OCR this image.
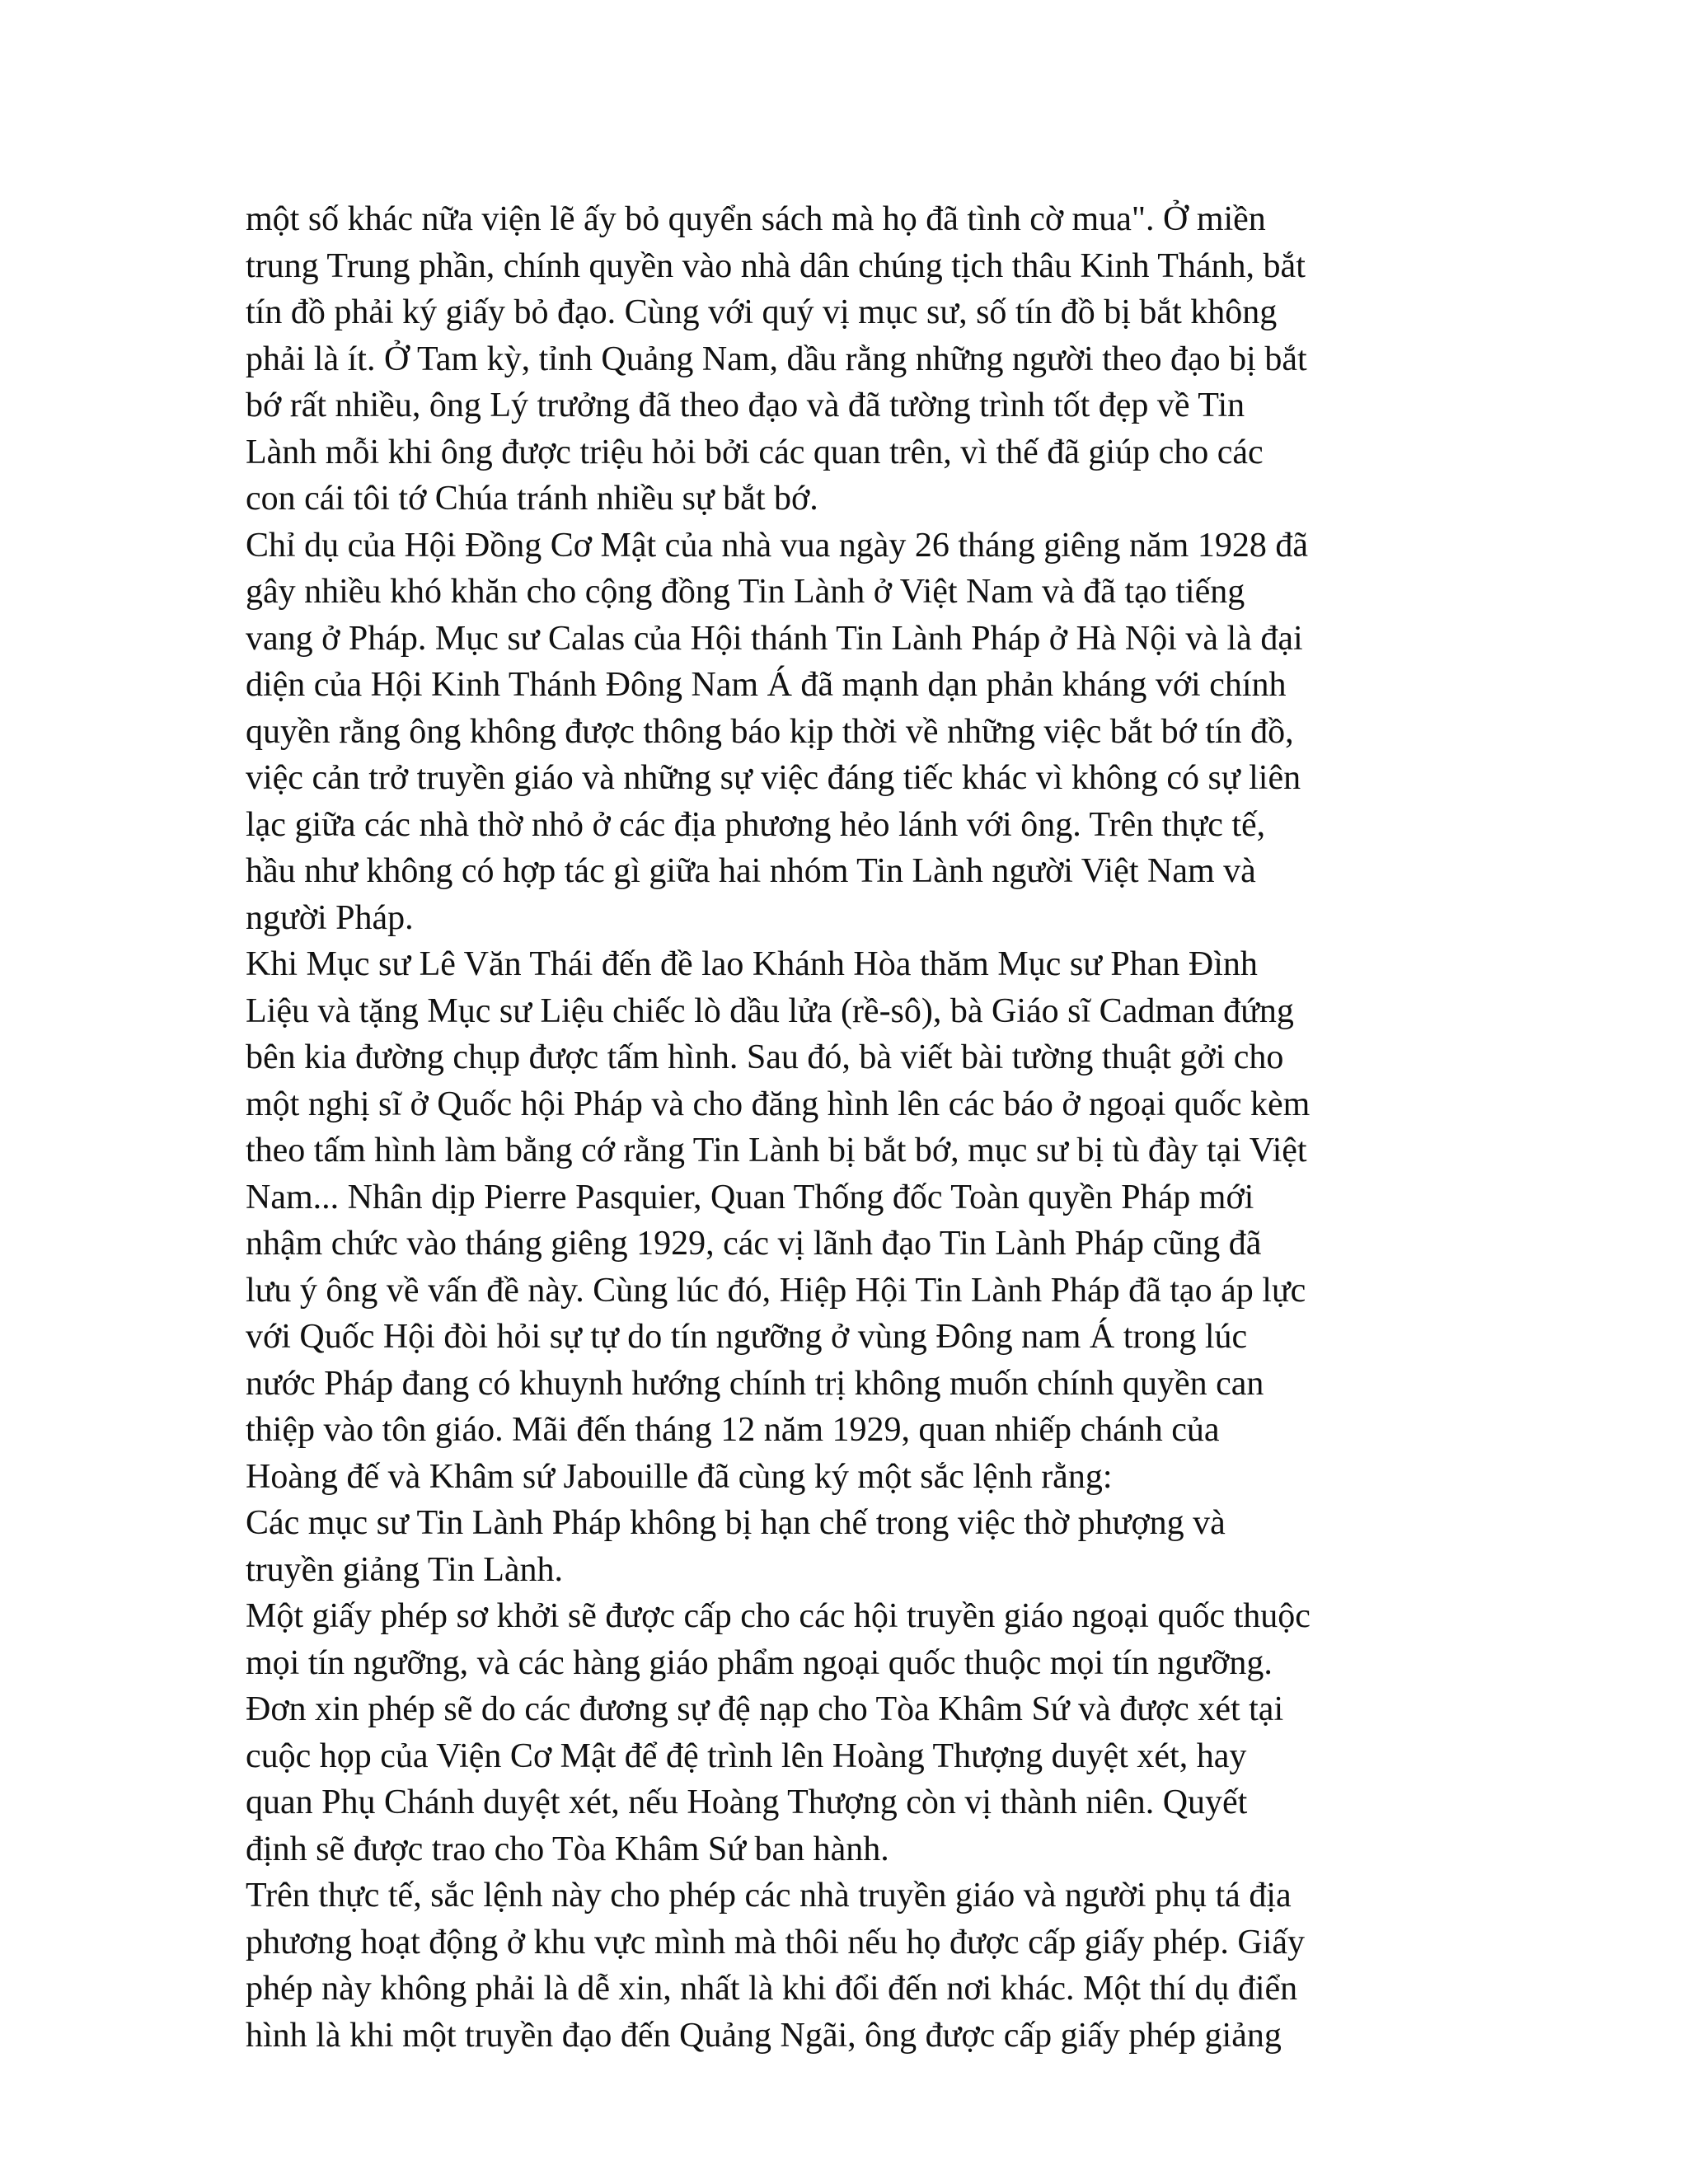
một số khác nữa viện lẽ ấy bỏ quyển sách mà họ đã tình cờ mua". Ở miền
trung Trung phần, chính quyền vào nhà dân chúng tịch thâu Kinh Thánh, bắt
tín đồ phải ký giấy bỏ đạo. Cùng với quý vị mục sư, số tín đồ bị bắt không
phải là ít. Ở Tam kỳ, tỉnh Quảng Nam, dầu rằng những người theo đạo bị bắt
bớ rất nhiều, ông Lý trưởng đã theo đạo và đã tường trình tốt đẹp về Tin
Lành mỗi khi ông được triệu hỏi bởi các quan trên, vì thế đã giúp cho các
con cái tôi tớ Chúa tránh nhiều sự bắt bớ.
Chỉ dụ của Hội Đồng Cơ Mật của nhà vua ngày 26 tháng giêng năm 1928 đã
gây nhiều khó khăn cho cộng đồng Tin Lành ở Việt Nam và đã tạo tiếng
vang ở Pháp. Mục sư Calas của Hội thánh Tin Lành Pháp ở Hà Nội và là đại
diện của Hội Kinh Thánh Đông Nam Á đã mạnh dạn phản kháng với chính
quyền rằng ông không được thông báo kịp thời về những việc bắt bớ tín đồ,
việc cản trở truyền giáo và những sự việc đáng tiếc khác vì không có sự liên
lạc giữa các nhà thờ nhỏ ở các địa phương hẻo lánh với ông. Trên thực tế,
hầu như không có hợp tác gì giữa hai nhóm Tin Lành người Việt Nam và
người Pháp.
Khi Mục sư Lê Văn Thái đến đề lao Khánh Hòa thăm Mục sư Phan Đình
Liệu và tặng Mục sư Liệu chiếc lò dầu lửa (rề-sô), bà Giáo sĩ Cadman đứng
bên kia đường chụp được tấm hình. Sau đó, bà viết bài tường thuật gởi cho
một nghị sĩ ở Quốc hội Pháp và cho đăng hình lên các báo ở ngoại quốc kèm
theo tấm hình làm bằng cớ rằng Tin Lành bị bắt bớ, mục sư bị tù đày tại Việt
Nam... Nhân dịp Pierre Pasquier, Quan Thống đốc Toàn quyền Pháp mới
nhậm chức vào tháng giêng 1929, các vị lãnh đạo Tin Lành Pháp cũng đã
lưu ý ông về vấn đề này. Cùng lúc đó, Hiệp Hội Tin Lành Pháp đã tạo áp lực
với Quốc Hội đòi hỏi sự tự do tín ngưỡng ở vùng Đông nam Á trong lúc
nước Pháp đang có khuynh hướng chính trị không muốn chính quyền can
thiệp vào tôn giáo. Mãi đến tháng 12 năm 1929, quan nhiếp chánh của
Hoàng đế và Khâm sứ Jabouille đã cùng ký một sắc lệnh rằng:
Các mục sư Tin Lành Pháp không bị hạn chế trong việc thờ phượng và
truyền giảng Tin Lành.
Một giấy phép sơ khởi sẽ được cấp cho các hội truyền giáo ngoại quốc thuộc
mọi tín ngưỡng, và các hàng giáo phẩm ngoại quốc thuộc mọi tín ngưỡng.
Đơn xin phép sẽ do các đương sự đệ nạp cho Tòa Khâm Sứ và được xét tại
cuộc họp của Viện Cơ Mật để đệ trình lên Hoàng Thượng duyệt xét, hay
quan Phụ Chánh duyệt xét, nếu Hoàng Thượng còn vị thành niên. Quyết
định sẽ được trao cho Tòa Khâm Sứ ban hành.
Trên thực tế, sắc lệnh này cho phép các nhà truyền giáo và người phụ tá địa
phương hoạt động ở khu vực mình mà thôi nếu họ được cấp giấy phép. Giấy
phép này không phải là dễ xin, nhất là khi đổi đến nơi khác. Một thí dụ điển
hình là khi một truyền đạo đến Quảng Ngãi, ông được cấp giấy phép giảng
